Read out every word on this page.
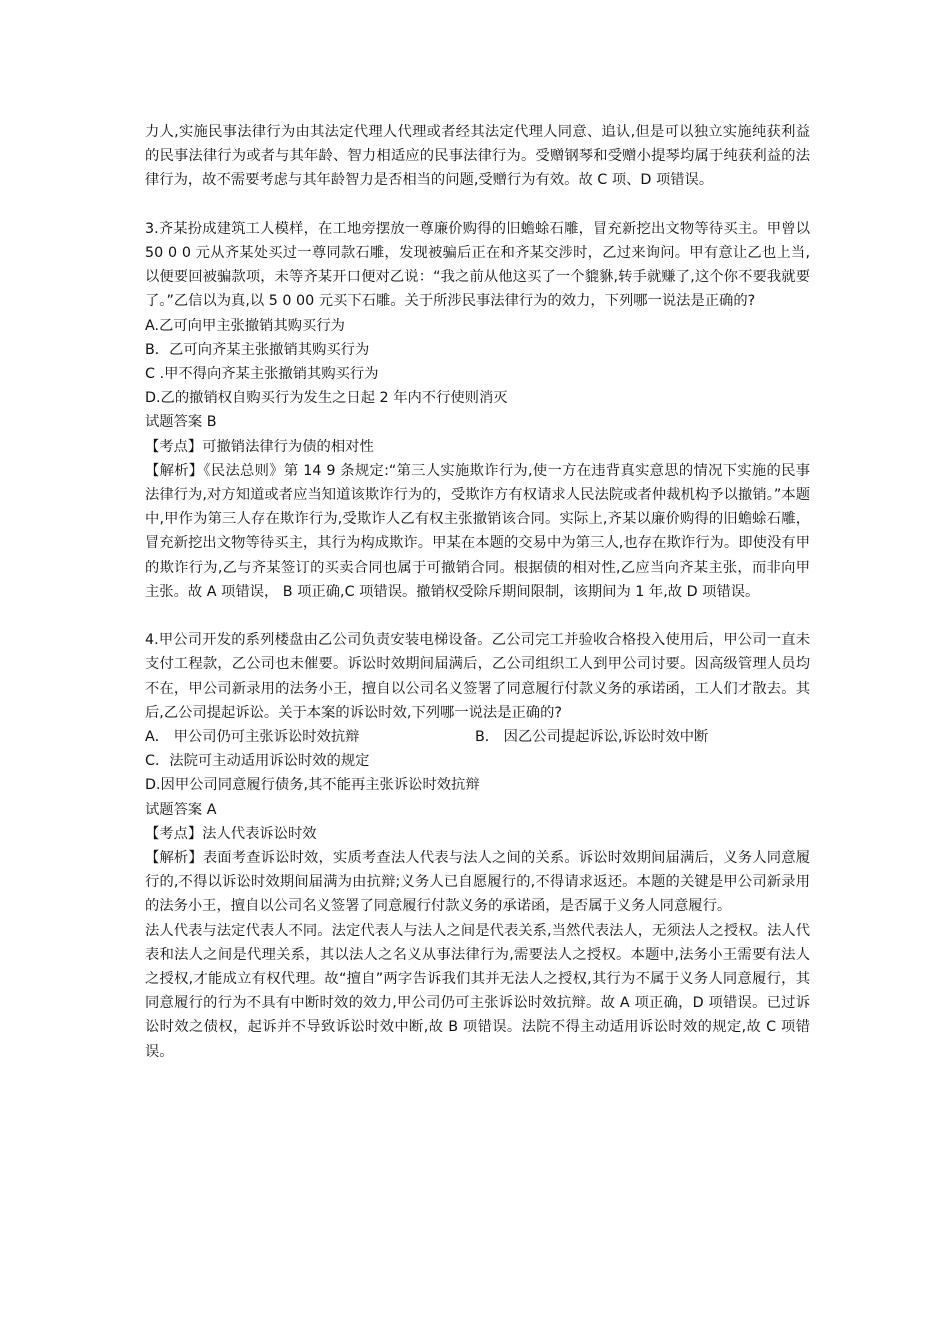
力人,实施民事法律行为由其法定代理人代理或者经其法定代理人同意、追认,但是可以独立实施纯获利益的民事法律行为或者与其年龄、智力相适应的民事法律行为。受赠钢琴和受赠小提琴均属于纯获利益的法律行为，故不需要考虑与其年龄智力是否相当的问题,受赠行为有效。故 C 项、D 项错误。

3.齐某扮成建筑工人模样，在工地旁摆放一尊廉价购得的旧蟾蜍石雕，冒充新挖出文物等待买主。甲曾以 50 0 0 元从齐某处买过一尊同款石雕，发现被骗后正在和齐某交涉时，乙过来询问。甲有意让乙也上当,以便要回被骗款项，未等齐某开口便对乙说：“我之前从他这买了一个貔貅,转手就赚了,这个你不要我就要了。”乙信以为真,以 5 0 00 元买下石雕。关于所涉民事法律行为的效力，下列哪一说法是正确的?

A.乙可向甲主张撤销其购买行为

B．乙可向齐某主张撤销其购买行为

C .甲不得向齐某主张撤销其购买行为

D.乙的撤销权自购买行为发生之日起 2 年内不行使则消灭

试题答案 B

【考点】可撤销法律行为债的相对性

【解析】《民法总则》第 14 9 条规定:“第三人实施欺诈行为,使一方在违背真实意思的情况下实施的民事法律行为,对方知道或者应当知道该欺诈行为的，受欺诈方有权请求人民法院或者仲裁机构予以撤销。”本题中,甲作为第三人存在欺诈行为,受欺诈人乙有权主张撤销该合同。实际上,齐某以廉价购得的旧蟾蜍石雕，冒充新挖出文物等待买主，其行为构成欺诈。甲某在本题的交易中为第三人,也存在欺诈行为。即使没有甲的欺诈行为,乙与齐某签订的买卖合同也属于可撤销合同。根据债的相对性,乙应当向齐某主张，而非向甲主张。故 A 项错误， B 项正确,C 项错误。撤销权受除斥期间限制，该期间为 1 年,故 D 项错误。

4.甲公司开发的系列楼盘由乙公司负责安装电梯设备。乙公司完工并验收合格投入使用后，甲公司一直未支付工程款，乙公司也未催要。诉讼时效期间届满后，乙公司组织工人到甲公司讨要。因高级管理人员均不在，甲公司新录用的法务小王，擅自以公司名义签署了同意履行付款义务的承诺函，工人们才散去。其后,乙公司提起诉讼。关于本案的诉讼时效,下列哪一说法是正确的?

A． 甲公司仍可主张诉讼时效抗辩	B． 因乙公司提起诉讼,诉讼时效中断

C．法院可主动适用诉讼时效的规定

D.因甲公司同意履行债务,其不能再主张诉讼时效抗辩

试题答案 A

【考点】法人代表诉讼时效

【解析】表面考查诉讼时效，实质考查法人代表与法人之间的关系。诉讼时效期间届满后，义务人同意履行的,不得以诉讼时效期间届满为由抗辩;义务人已自愿履行的,不得请求返还。本题的关键是甲公司新录用的法务小王，擅自以公司名义签署了同意履行付款义务的承诺函，是否属于义务人同意履行。

法人代表与法定代表人不同。法定代表人与法人之间是代表关系,当然代表法人，无须法人之授权。法人代表和法人之间是代理关系，其以法人之名义从事法律行为,需要法人之授权。本题中,法务小王需要有法人之授权,才能成立有权代理。故“擅自”两字告诉我们其并无法人之授权,其行为不属于义务人同意履行，其同意履行的行为不具有中断时效的效力,甲公司仍可主张诉讼时效抗辩。故 A 项正确，D 项错误。已过诉讼时效之债权，起诉并不导致诉讼时效中断,故 B 项错误。法院不得主动适用诉讼时效的规定,故 C 项错误。
